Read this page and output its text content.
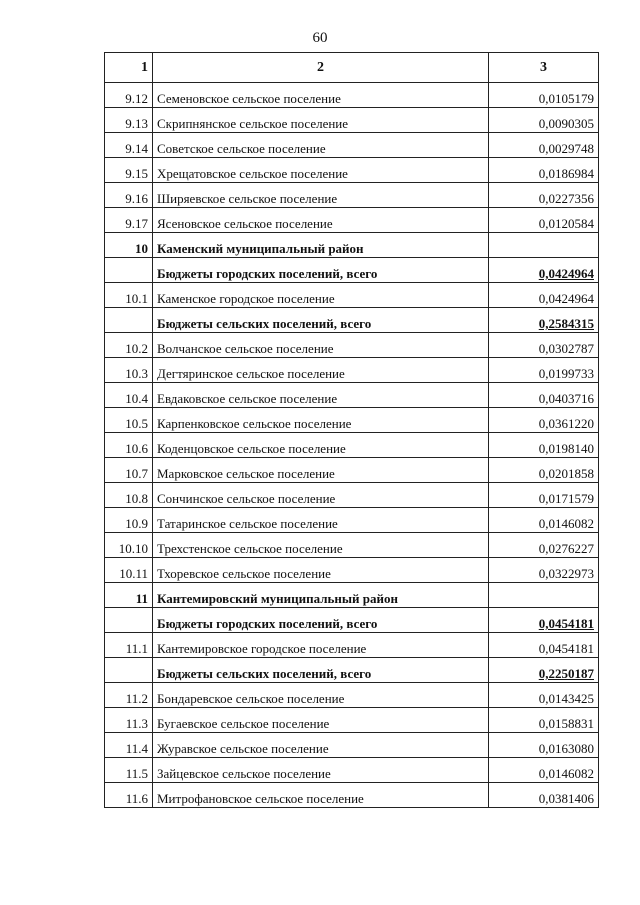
60
1	2	3
9.12	Семеновское сельское поселение	0,0105179
9.13	Скрипнянское сельское поселение	0,0090305
9.14	Советское сельское поселение	0,0029748
9.15	Хрещатовское сельское поселение	0,0186984
9.16	Ширяевское сельское поселение	0,0227356
9.17	Ясеновское сельское поселение	0,0120584
10	Каменский муниципальный район	
	Бюджеты городских поселений, всего	0,0424964
10.1	Каменское городское поселение	0,0424964
	Бюджеты сельских поселений, всего	0,2584315
10.2	Волчанское сельское поселение	0,0302787
10.3	Дегтяринское сельское поселение	0,0199733
10.4	Евдаковское сельское поселение	0,0403716
10.5	Карпенковское сельское поселение	0,0361220
10.6	Коденцовское сельское поселение	0,0198140
10.7	Марковское сельское поселение	0,0201858
10.8	Сончинское сельское поселение	0,0171579
10.9	Татаринское сельское поселение	0,0146082
10.10	Трехстенское сельское поселение	0,0276227
10.11	Тхоревское сельское поселение	0,0322973
11	Кантемировский муниципальный район	
	Бюджеты городских поселений, всего	0,0454181
11.1	Кантемировское городское поселение	0,0454181
	Бюджеты сельских поселений, всего	0,2250187
11.2	Бондаревское сельское поселение	0,0143425
11.3	Бугаевское сельское поселение	0,0158831
11.4	Журавское сельское поселение	0,0163080
11.5	Зайцевское сельское поселение	0,0146082
11.6	Митрофановское сельское поселение	0,0381406
